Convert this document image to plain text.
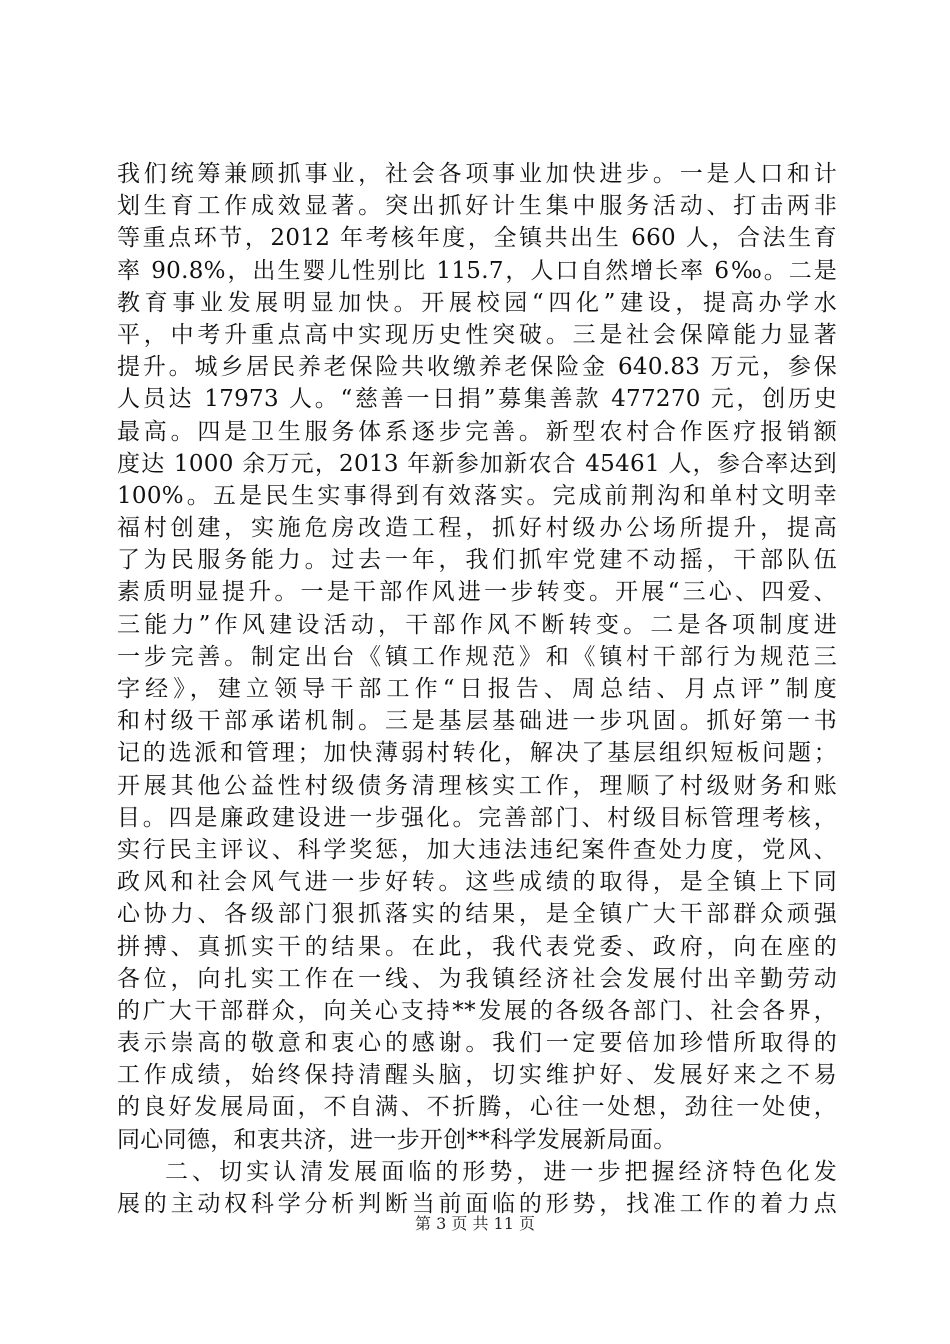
我们统筹兼顾抓事业，社会各项事业加快进步。一是人口和计
划生育工作成效显著。突出抓好计生集中服务活动、打击两非
等重点环节，2012 年考核年度，全镇共出生 660 人，合法生育
率 90.8%，出生婴儿性别比 115.7，人口自然增长率 6‰。二是
教育事业发展明显加快。开展校园“四化”建设，提高办学水
平，中考升重点高中实现历史性突破。三是社会保障能力显著
提升。城乡居民养老保险共收缴养老保险金 640.83 万元，参保
人员达 17973 人。“慈善一日捐”募集善款 477270 元，创历史
最高。四是卫生服务体系逐步完善。新型农村合作医疗报销额
度达 1000 余万元，2013 年新参加新农合 45461 人，参合率达到
100%。五是民生实事得到有效落实。完成前荆沟和单村文明幸
福村创建，实施危房改造工程，抓好村级办公场所提升，提高
了为民服务能力。过去一年，我们抓牢党建不动摇，干部队伍
素质明显提升。一是干部作风进一步转变。开展“三心、四爱、
三能力”作风建设活动，干部作风不断转变。二是各项制度进
一步完善。制定出台《镇工作规范》和《镇村干部行为规范三
字经》，建立领导干部工作“日报告、周总结、月点评”制度
和村级干部承诺机制。三是基层基础进一步巩固。抓好第一书
记的选派和管理；加快薄弱村转化，解决了基层组织短板问题；
开展其他公益性村级债务清理核实工作，理顺了村级财务和账
目。四是廉政建设进一步强化。完善部门、村级目标管理考核，
实行民主评议、科学奖惩，加大违法违纪案件查处力度，党风、
政风和社会风气进一步好转。这些成绩的取得，是全镇上下同
心协力、各级部门狠抓落实的结果，是全镇广大干部群众顽强
拼搏、真抓实干的结果。在此，我代表党委、政府，向在座的
各位，向扎实工作在一线、为我镇经济社会发展付出辛勤劳动
的广大干部群众，向关心支持**发展的各级各部门、社会各界，
表示崇高的敬意和衷心的感谢。我们一定要倍加珍惜所取得的
工作成绩，始终保持清醒头脑，切实维护好、发展好来之不易
的良好发展局面，不自满、不折腾，心往一处想，劲往一处使，
同心同德，和衷共济，进一步开创**科学发展新局面。
二、切实认清发展面临的形势，进一步把握经济特色化发
展的主动权科学分析判断当前面临的形势，找准工作的着力点
第 3 页 共 11 页
